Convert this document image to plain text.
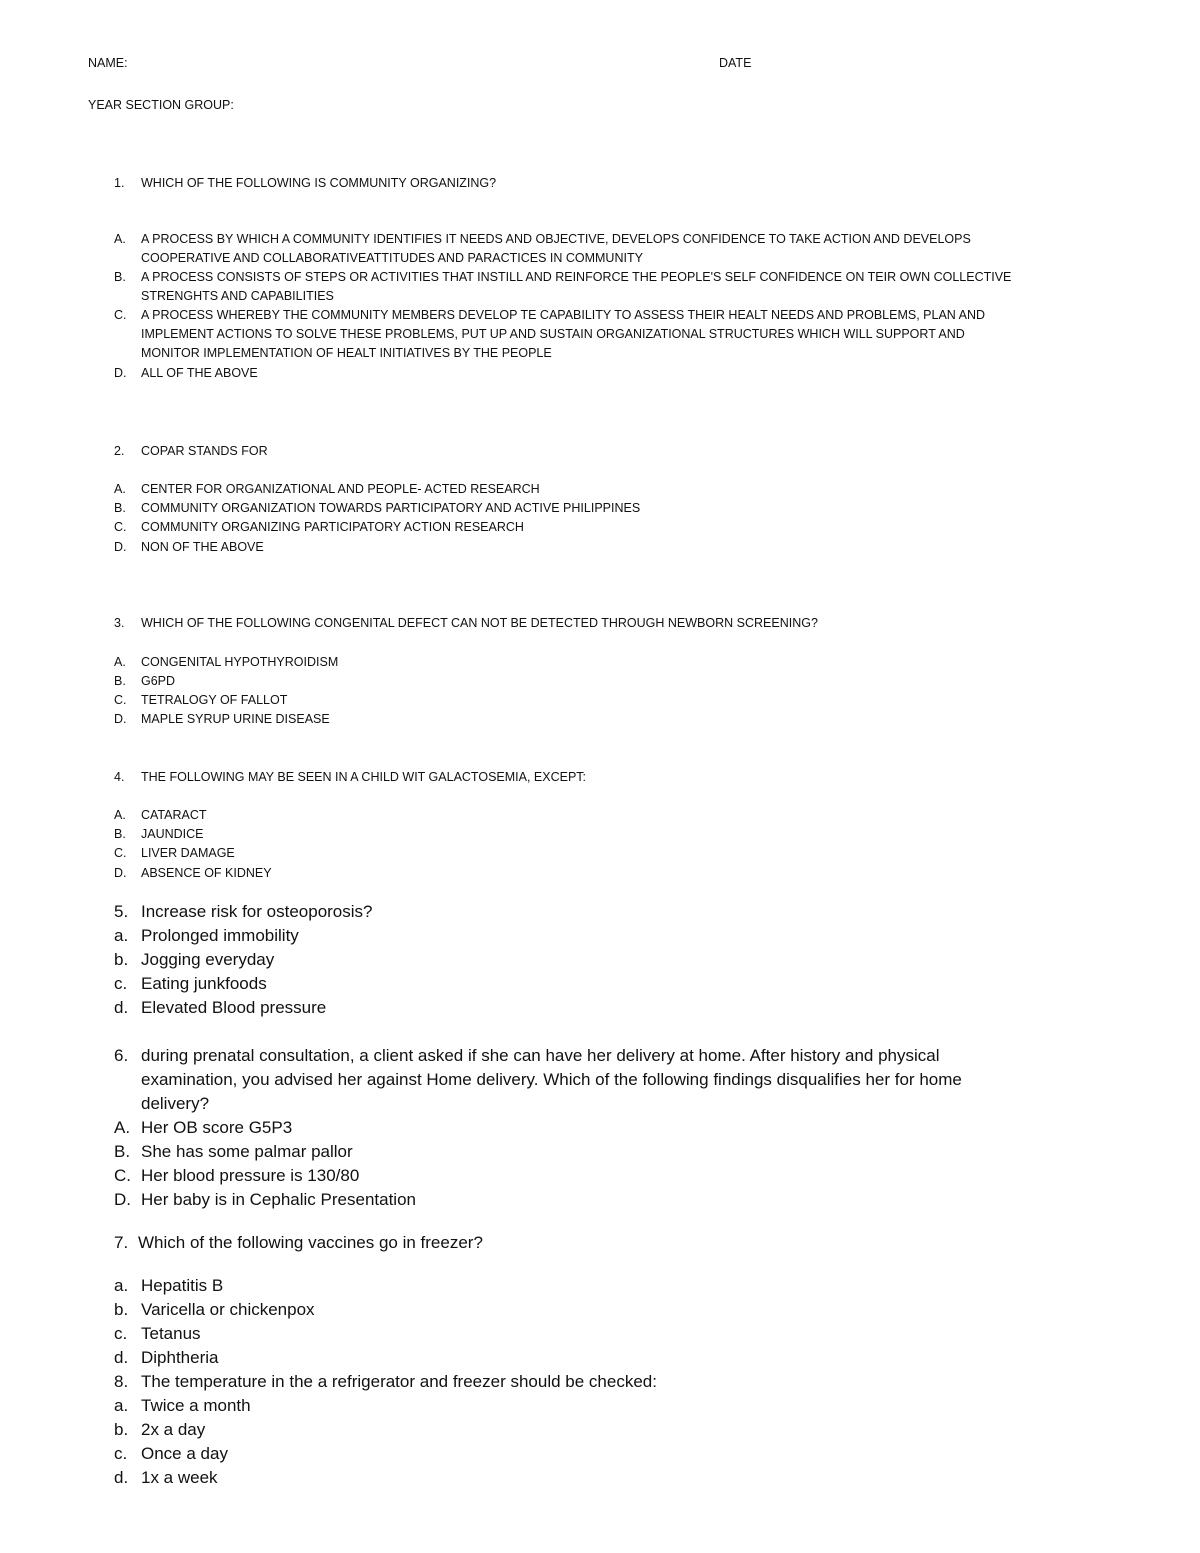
NAME:	DATE
YEAR SECTION GROUP:
1.	WHICH OF THE FOLLOWING IS COMMUNITY ORGANIZING?
A.	A PROCESS BY WHICH A COMMUNITY IDENTIFIES IT NEEDS AND OBJECTIVE, DEVELOPS CONFIDENCE TO TAKE ACTION AND DEVELOPS
COOPERATIVE AND COLLABORATIVEATTITUDES AND PARACTICES IN COMMUNITY
B.	A PROCESS CONSISTS OF STEPS OR ACTIVITIES THAT INSTILL AND REINFORCE THE PEOPLE'S SELF CONFIDENCE ON TEIR OWN COLLECTIVE
STRENGHTS AND CAPABILITIES
C.	A PROCESS WHEREBY THE COMMUNITY MEMBERS DEVELOP TE CAPABILITY TO ASSESS THEIR HEALT NEEDS AND PROBLEMS, PLAN AND
IMPLEMENT ACTIONS TO SOLVE THESE PROBLEMS, PUT UP AND SUSTAIN ORGANIZATIONAL STRUCTURES WHICH WILL SUPPORT AND
MONITOR IMPLEMENTATION OF HEALT INITIATIVES BY THE PEOPLE
D.	ALL OF THE ABOVE
2.	COPAR STANDS FOR
A.	CENTER FOR ORGANIZATIONAL AND PEOPLE- ACTED RESEARCH
B.	COMMUNITY ORGANIZATION TOWARDS PARTICIPATORY AND ACTIVE PHILIPPINES
C.	COMMUNITY ORGANIZING PARTICIPATORY ACTION RESEARCH
D.	NON OF THE ABOVE
3.	WHICH OF THE FOLLOWING CONGENITAL DEFECT CAN NOT BE DETECTED THROUGH NEWBORN SCREENING?
A.	CONGENITAL HYPOTHYROIDISM
B.	G6PD
C.	TETRALOGY OF FALLOT
D.	MAPLE SYRUP URINE DISEASE
4.	THE FOLLOWING MAY BE SEEN IN A CHILD WIT GALACTOSEMIA, EXCEPT:
A.	CATARACT
B.	JAUNDICE
C.	LIVER DAMAGE
D.	ABSENCE OF KIDNEY
5. Increase risk for osteoporosis?
a. Prolonged immobility
b. Jogging everyday
c. Eating junkfoods
d. Elevated Blood pressure
6. during prenatal consultation, a client asked if she can have her delivery at home. After history and physical
examination, you advised her against Home delivery. Which of the following findings disqualifies her for home
delivery?
A. Her OB score G5P3
B. She has some palmar pallor
C. Her blood pressure is 130/80
D. Her baby is in Cephalic Presentation
7. Which of the following vaccines go in freezer?
a. Hepatitis B
b. Varicella or chickenpox
c. Tetanus
d. Diphtheria
8. The temperature in the a refrigerator and freezer should be checked:
a. Twice a month
b. 2x a day
c. Once a day
d. 1x a week
